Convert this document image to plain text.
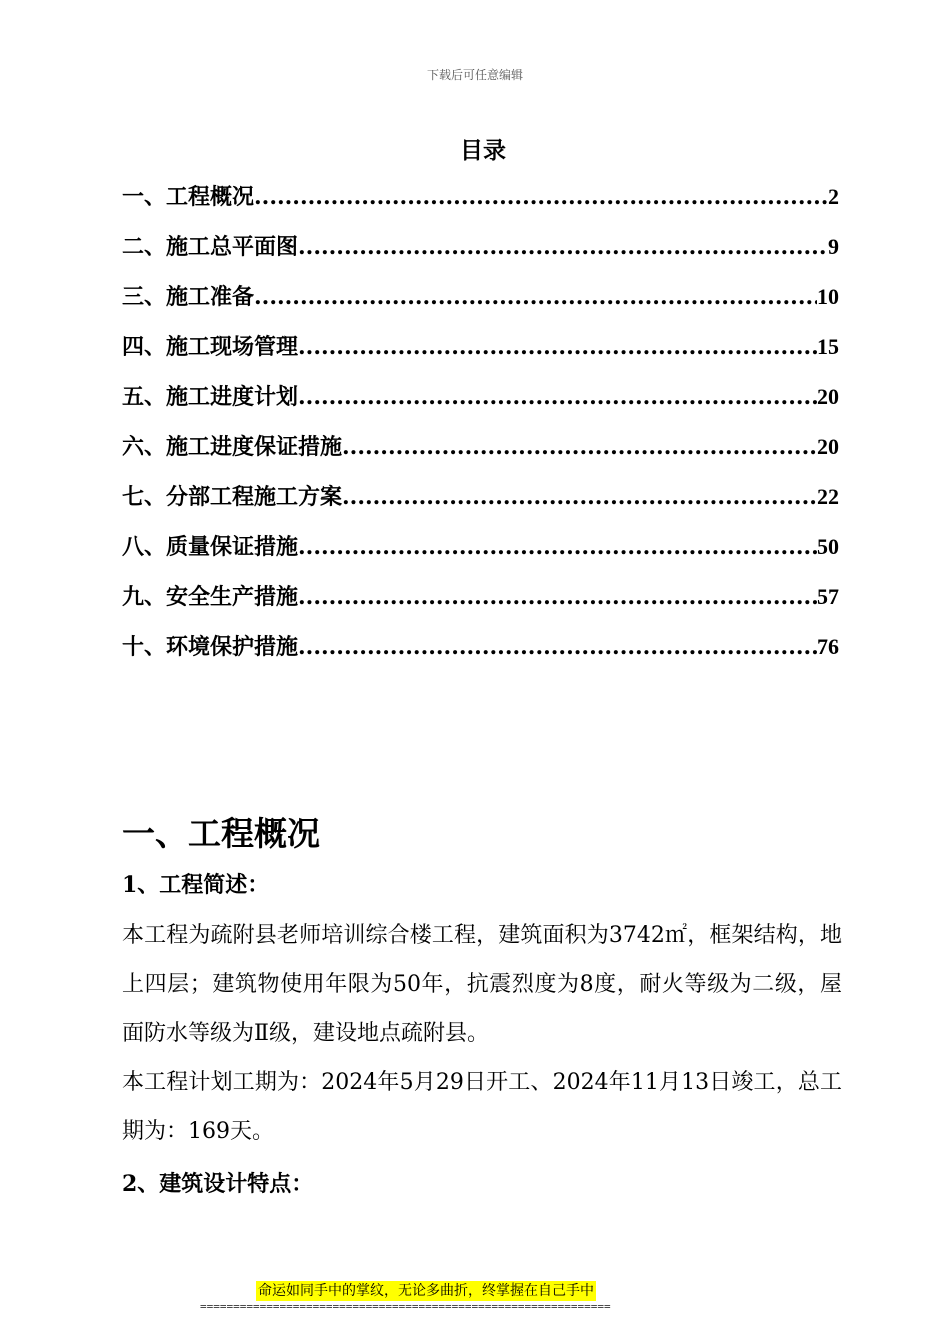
下载后可任意编辑
目录
一、工程概况 .....	2
二、施工总平面图 .....	9
三、施工准备 .....	10
四、施工现场管理 .....	15
五、施工进度计划 .....	20
六、施工进度保证措施 .....	20
七、分部工程施工方案 .....	22
八、质量保证措施 .....	50
九、安全生产措施 .....	57
十、环境保护措施 .....	76
一、工程概况
1、工程简述：
本工程为疏附县老师培训综合楼工程，建筑面积为3742㎡，框架结构，地上四层；建筑物使用年限为50年，抗震烈度为8度，耐火等级为二级，屋面防水等级为Ⅱ级，建设地点疏附县。
本工程计划工期为：2024年5月29日开工、2024年11月13日竣工，总工期为：169天。
2、建筑设计特点：
命运如同手中的掌纹，无论多曲折，终掌握在自己手中
==============================================================
